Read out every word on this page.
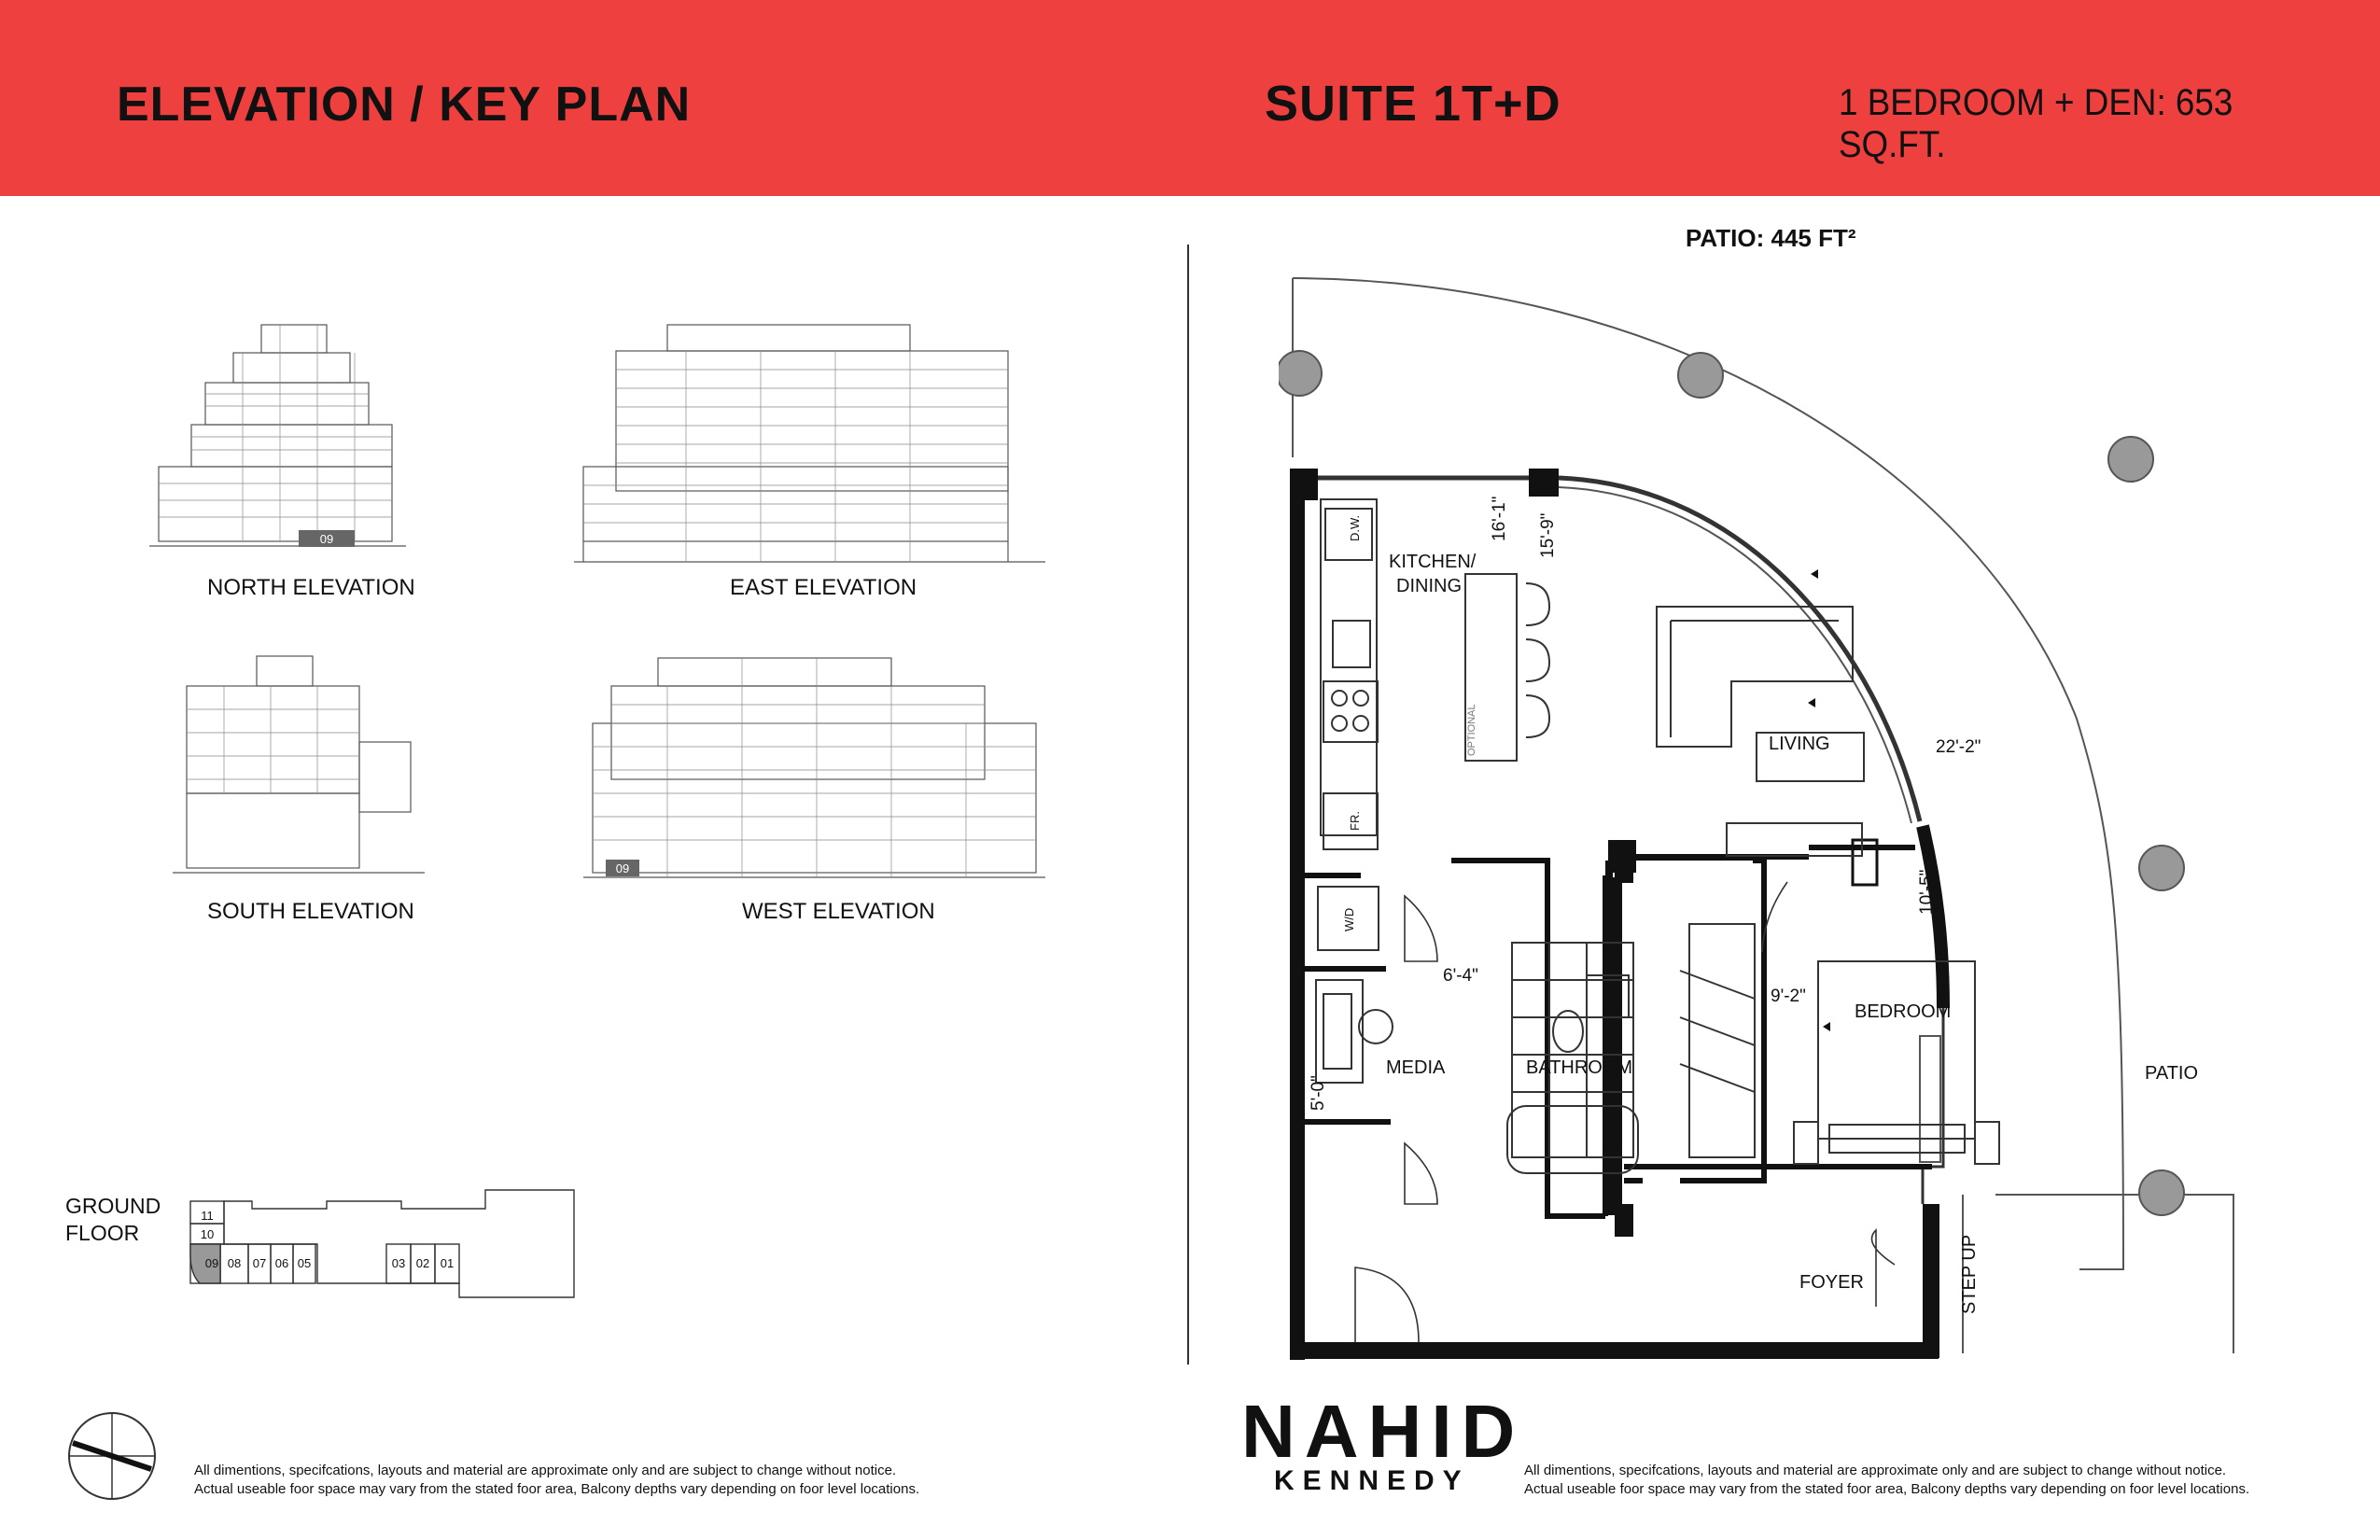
ELEVATION / KEY PLAN	SUITE 1T+D	1 BEDROOM + DEN: 653 SQ.FT.
09
NORTH ELEVATION	EAST ELEVATION
SOUTH ELEVATION
09
WEST ELEVATION
GROUND
FLOOR
11
10
09 08 07 06 05	03 02 01
All dimentions, specifcations, layouts and material are approximate only and are subject to change without notice.
Actual useable foor space may vary from the stated foor area, Balcony depths vary depending on foor level locations.
PATIO: 445 FT²
KITCHEN/
DINING
LIVING
BEDROOM
BATHROOM
MEDIA
FOYER
PATIO
STEP UP
D.W.
FR.
W/D
OPTIONAL
16'-1" 15'-9"
22'-2"
10'-5"
6'-4"
5'-0"
9'-2"
NAHID
KENNEDY	All dimentions, specifcations, layouts and material are approximate only and are subject to change without notice.
Actual useable foor space may vary from the stated foor area, Balcony depths vary depending on foor level locations.
